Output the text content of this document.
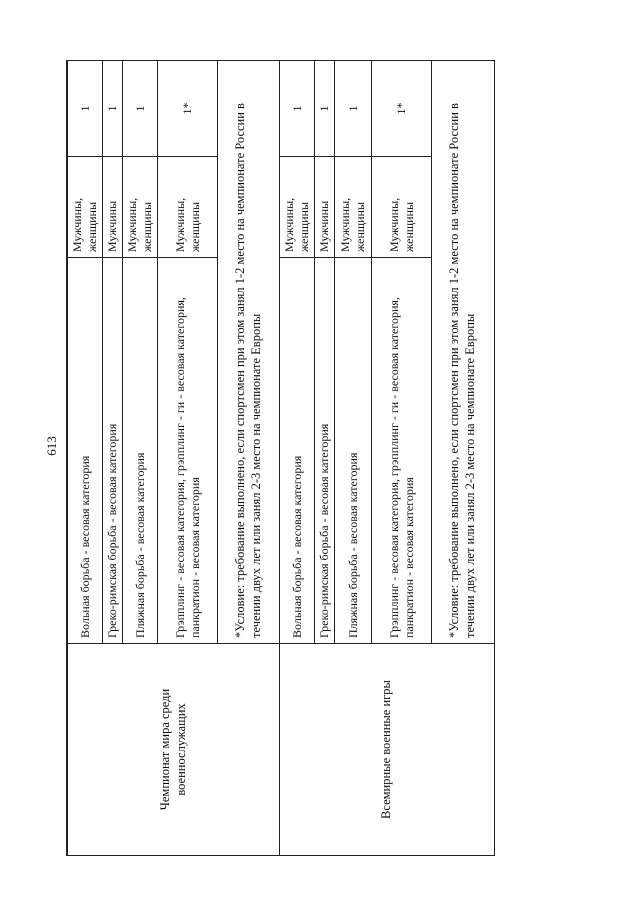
613
Чемпионат мира среди военнослужащих	Вольная борьба - весовая категория	Мужчины, женщины	1
	Греко-римская борьба - весовая категория	Мужчины	1
	Пляжная борьба - весовая категория	Мужчины, женщины	1
	Грэпплинг - весовая категория, грэпплинг - ги - весовая категория, панкратион - весовая категория	Мужчины, женщины	1*
	*Условие: требование выполнено, если спортсмен при этом занял 1-2 место на чемпионате России в течении двух лет или занял 2-3 место на чемпионате Европы		
Всемирные военные игры	Вольная борьба - весовая категория	Мужчины, женщины	1
	Греко-римская борьба - весовая категория	Мужчины	1
	Пляжная борьба - весовая категория	Мужчины, женщины	1
	Грэпплинг - весовая категория, грэпплинг - ги - весовая категория, панкратион - весовая категория	Мужчины, женщины	1*
	*Условие: требование выполнено, если спортсмен при этом занял 1-2 место на чемпионате России в течении двух лет или занял 2-3 место на чемпионате Европы		
